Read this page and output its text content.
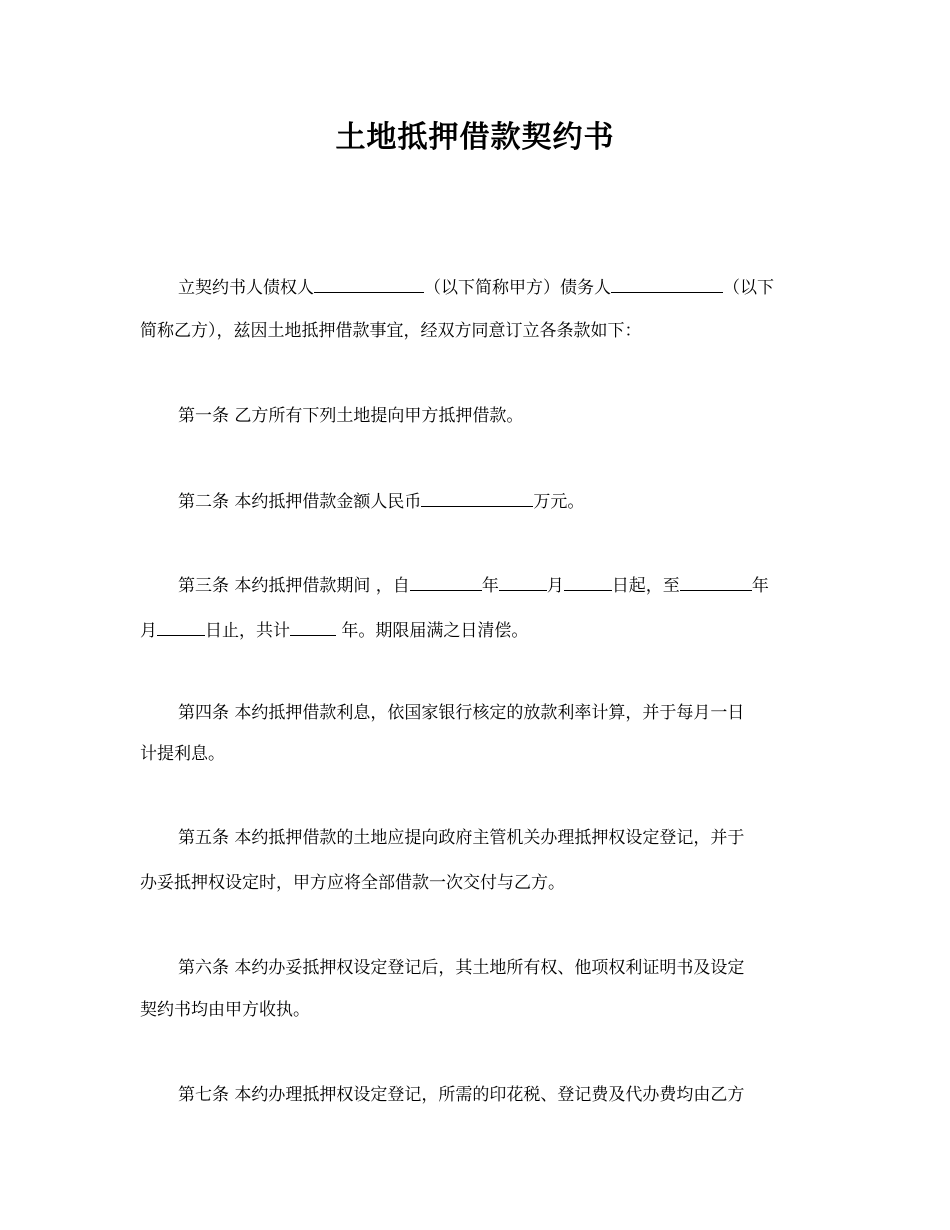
土地抵押借款契约书
立契约书人债权人	（以下简称甲方）债务人	（以下
简称乙方），兹因土地抵押借款事宜，经双方同意订立各条款如下：
第一条 乙方所有下列土地提向甲方抵押借款。
第二条 本约抵押借款金额人民币	万元。
第三条 本约抵押借款期间 ，自	年	月	日起，至	年
月	日止，共计	年。期限届满之日清偿。
第四条 本约抵押借款利息，依国家银行核定的放款利率计算，并于每月一日
计提利息。
第五条 本约抵押借款的土地应提向政府主管机关办理抵押权设定登记，并于
办妥抵押权设定时，甲方应将全部借款一次交付与乙方。
第六条 本约办妥抵押权设定登记后，其土地所有权、他项权利证明书及设定
契约书均由甲方收执。
第七条 本约办理抵押权设定登记，所需的印花税、登记费及代办费均由乙方
